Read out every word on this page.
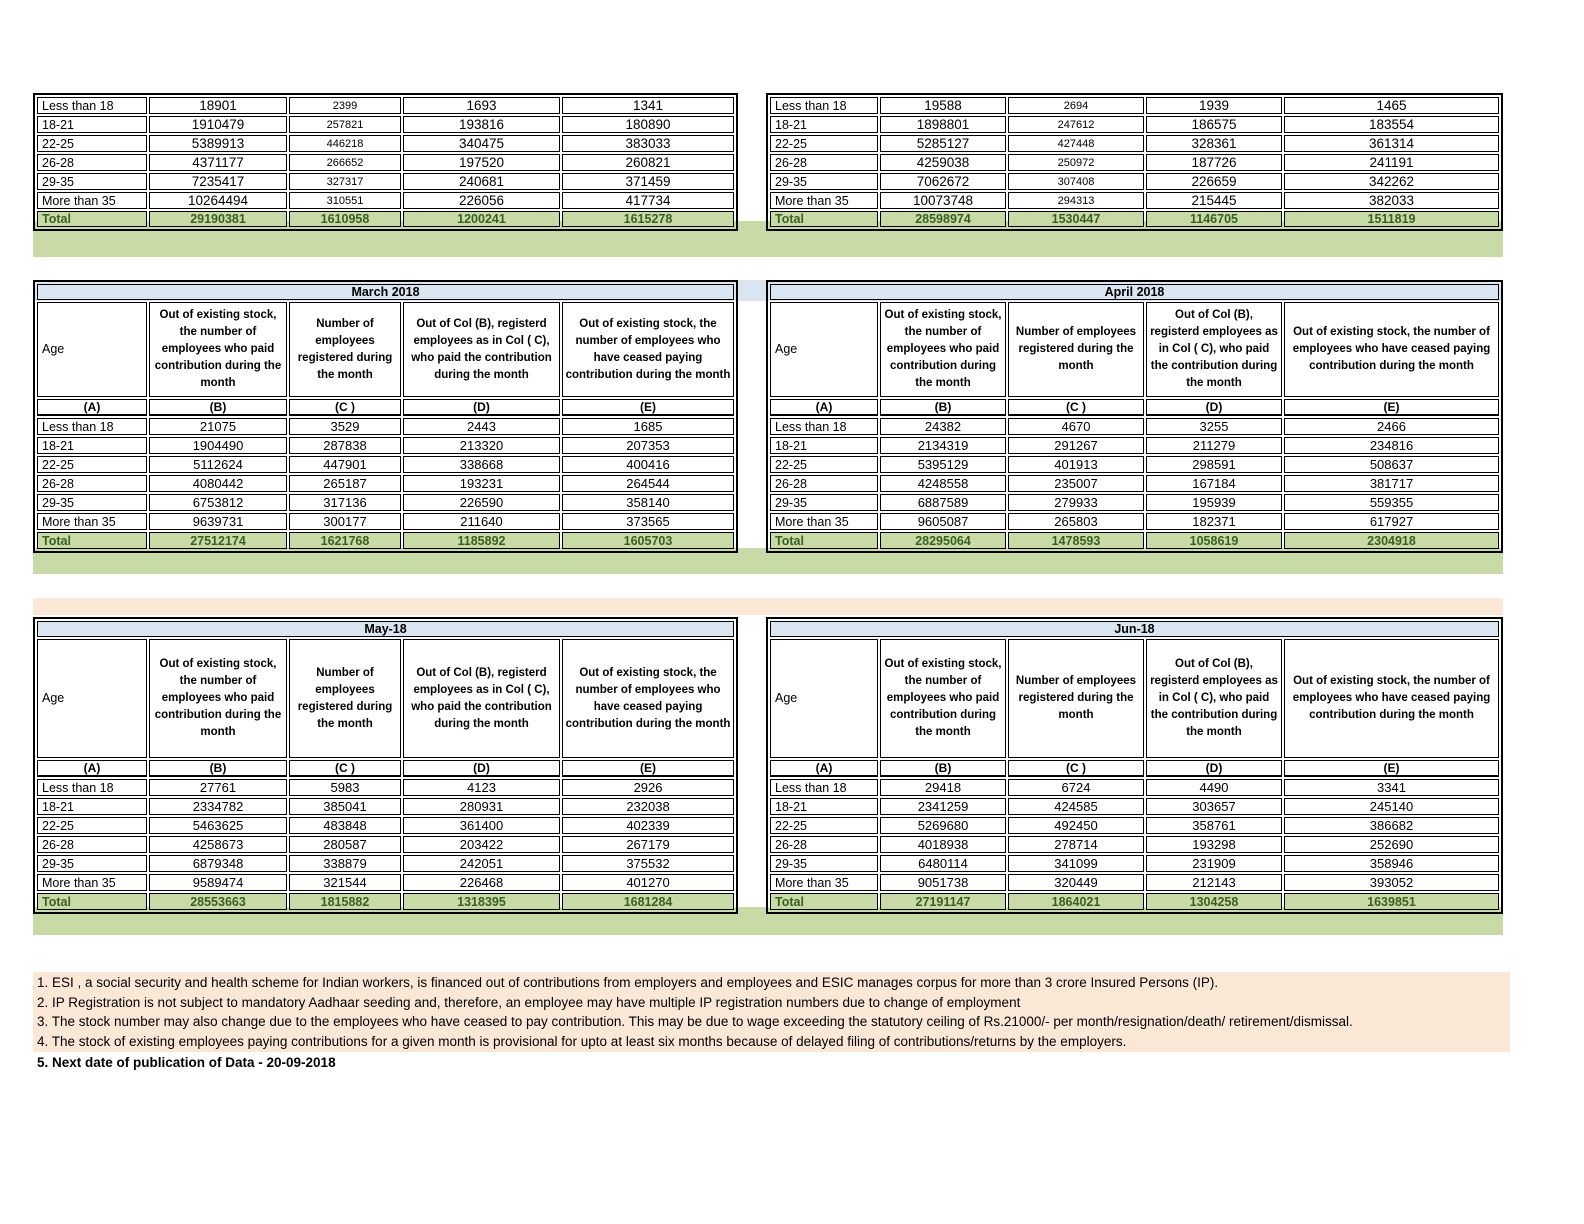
Less than 18	18901	2399	1693	1341
18-21	1910479	257821	193816	180890
22-25	5389913	446218	340475	383033
26-28	4371177	266652	197520	260821
29-35	7235417	327317	240681	371459
More than 35	10264494	310551	226056	417734
Total	29190381	1610958	1200241	1615278
Less than 18	19588	2694	1939	1465
18-21	1898801	247612	186575	183554
22-25	5285127	427448	328361	361314
26-28	4259038	250972	187726	241191
29-35	7062672	307408	226659	342262
More than 35	10073748	294313	215445	382033
Total	28598974	1530447	1146705	1511819
March 2018				
Age	Out of existing stock, the number of employees who paid contribution during the month	Number of employees registered during the month	Out of Col (B), registerd employees as in Col ( C), who paid the contribution during the month	Out of existing stock, the number of employees who have ceased paying contribution during the month

(A)	(B)	(C )	(D)	(E)
Less than 18	21075	3529	2443	1685
18-21	1904490	287838	213320	207353
22-25	5112624	447901	338668	400416
26-28	4080442	265187	193231	264544
29-35	6753812	317136	226590	358140
More than 35	9639731	300177	211640	373565
Total	27512174	1621768	1185892	1605703
April 2018				
Age	Out of existing stock, the number of employees who paid contribution during the month	Number of employees registered during the month	Out of Col (B), registerd employees as in Col ( C), who paid the contribution during the month	Out of existing stock, the number of employees who have ceased paying contribution during the month

(A)	(B)	(C )	(D)	(E)
Less than 18	24382	4670	3255	2466
18-21	2134319	291267	211279	234816
22-25	5395129	401913	298591	508637
26-28	4248558	235007	167184	381717
29-35	6887589	279933	195939	559355
More than 35	9605087	265803	182371	617927
Total	28295064	1478593	1058619	2304918
May-18				
Age	Out of existing stock, the number of employees who paid contribution during the month	Number of employees registered during the month	Out of Col (B), registerd employees as in Col ( C), who paid the contribution during the month	Out of existing stock, the number of employees who have ceased paying contribution during the month

(A)	(B)	(C )	(D)	(E)
Less than 18	27761	5983	4123	2926
18-21	2334782	385041	280931	232038
22-25	5463625	483848	361400	402339
26-28	4258673	280587	203422	267179
29-35	6879348	338879	242051	375532
More than 35	9589474	321544	226468	401270
Total	28553663	1815882	1318395	1681284
Jun-18				
Age	Out of existing stock, the number of employees who paid contribution during the month	Number of employees registered during the month	Out of Col (B), registerd employees as in Col ( C), who paid the contribution during the month	Out of existing stock, the number of employees who have ceased paying contribution during the month

(A)	(B)	(C )	(D)	(E)
Less than 18	29418	6724	4490	3341
18-21	2341259	424585	303657	245140
22-25	5269680	492450	358761	386682
26-28	4018938	278714	193298	252690
29-35	6480114	341099	231909	358946
More than 35	9051738	320449	212143	393052
Total	27191147	1864021	1304258	1639851
1. ESI , a social security and health scheme for Indian workers, is financed out of contributions from employers and employees and ESIC manages corpus for more than 3 crore Insured Persons (IP).
2. IP Registration is not subject to mandatory Aadhaar seeding and, therefore, an employee may have multiple IP registration numbers due to change of employment
3. The stock number may also change due to the employees who have ceased to pay contribution. This may be due to wage exceeding the statutory ceiling of Rs.21000/- per month/resignation/death/ retirement/dismissal.
4. The stock of existing employees paying contributions for a given month is provisional for upto at least six months because of delayed filing of contributions/returns by the employers.
5. Next date of publication of Data - 20-09-2018
